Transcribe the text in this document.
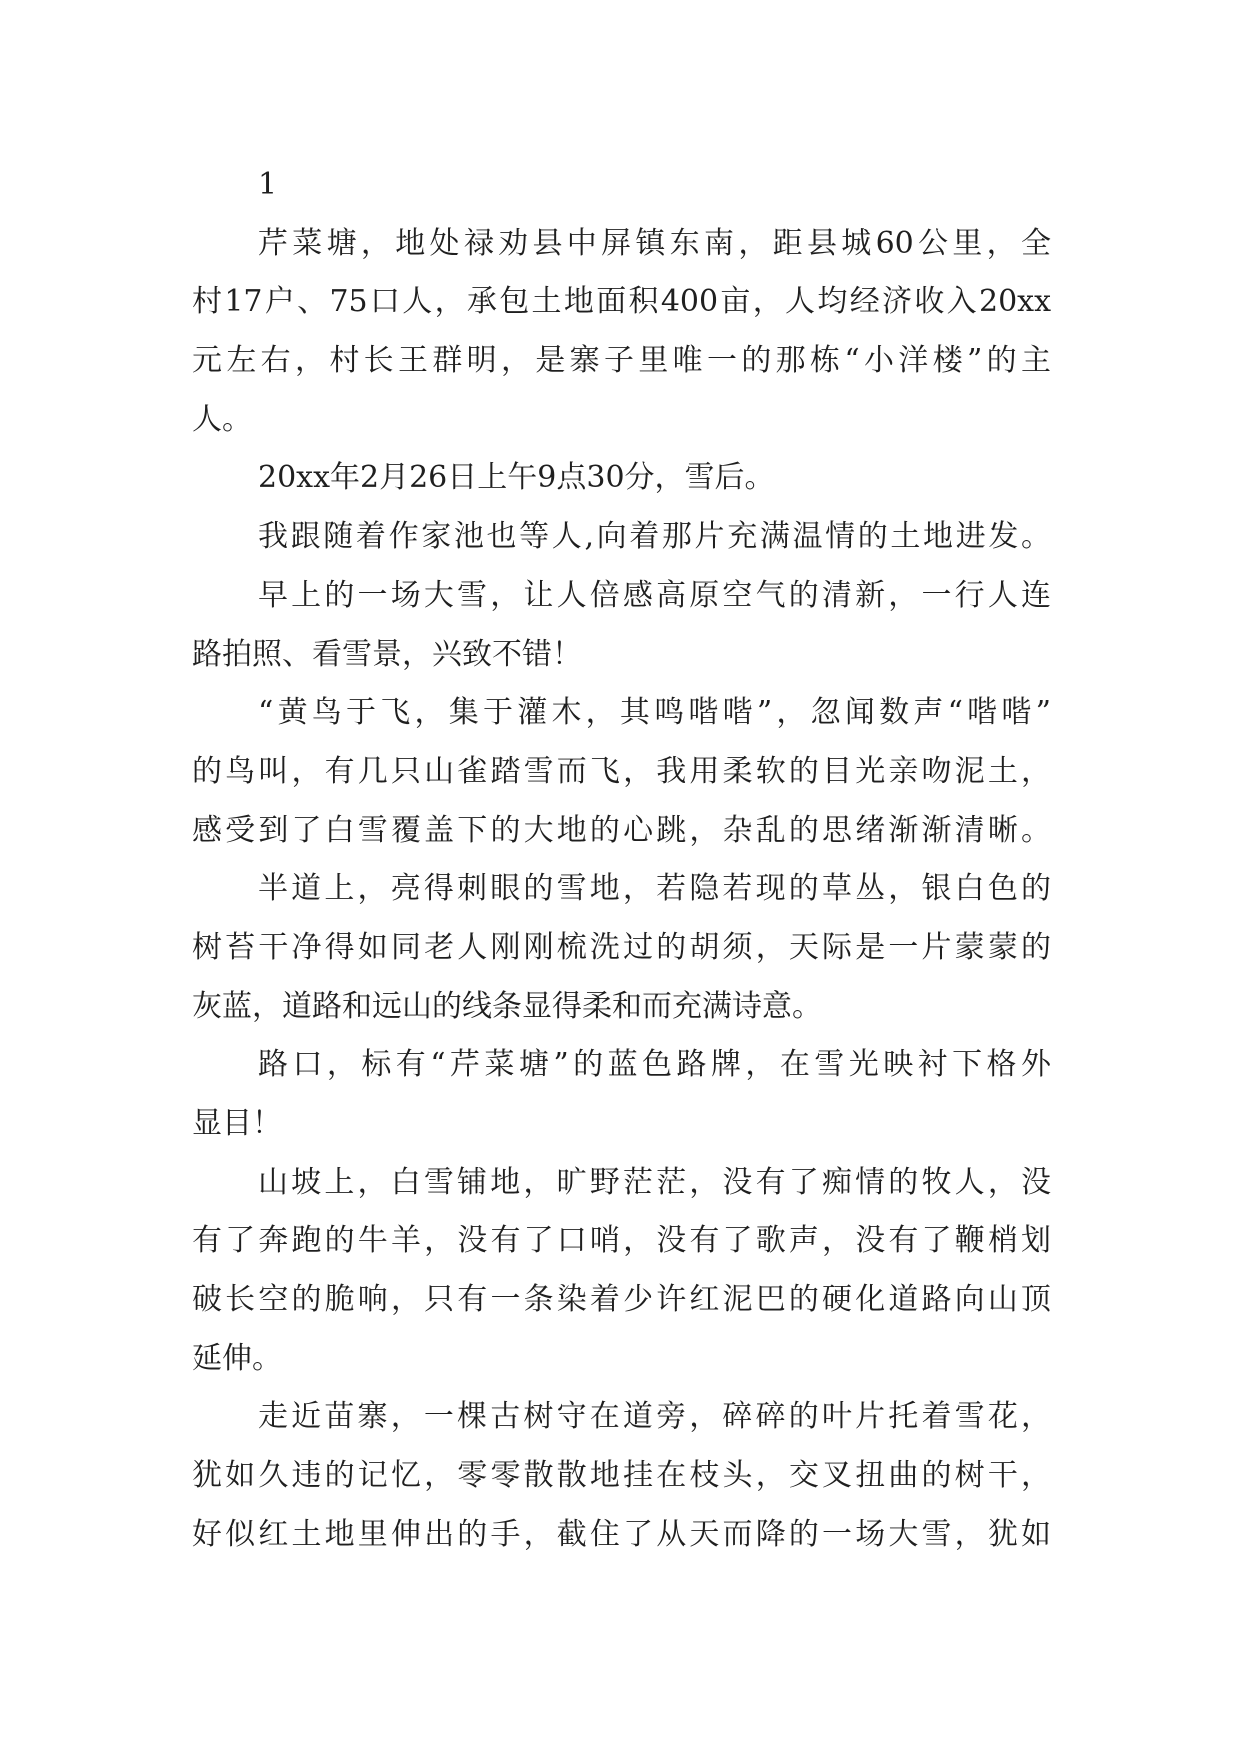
1
芹菜塘，地处禄劝县中屏镇东南，距县城60公里，全
村17户、75口人，承包土地面积400亩，人均经济收入20xx
元左右，村长王群明，是寨子里唯一的那栋“小洋楼”的主
人。
20xx年2月26日上午9点30分，雪后。
我跟随着作家池也等人,向着那片充满温情的土地进发。
早上的一场大雪，让人倍感高原空气的清新，一行人连
路拍照、看雪景，兴致不错！
“黄鸟于飞，集于灌木，其鸣喈喈”，忽闻数声“喈喈”
的鸟叫，有几只山雀踏雪而飞，我用柔软的目光亲吻泥土，
感受到了白雪覆盖下的大地的心跳，杂乱的思绪渐渐清晰。
半道上，亮得刺眼的雪地，若隐若现的草丛，银白色的
树苔干净得如同老人刚刚梳洗过的胡须，天际是一片蒙蒙的
灰蓝，道路和远山的线条显得柔和而充满诗意。
路口，标有“芹菜塘”的蓝色路牌，在雪光映衬下格外
显目！
山坡上，白雪铺地，旷野茫茫，没有了痴情的牧人，没
有了奔跑的牛羊，没有了口哨，没有了歌声，没有了鞭梢划
破长空的脆响，只有一条染着少许红泥巴的硬化道路向山顶
延伸。
走近苗寨，一棵古树守在道旁，碎碎的叶片托着雪花，
犹如久违的记忆，零零散散地挂在枝头，交叉扭曲的树干，
好似红土地里伸出的手，截住了从天而降的一场大雪，犹如
